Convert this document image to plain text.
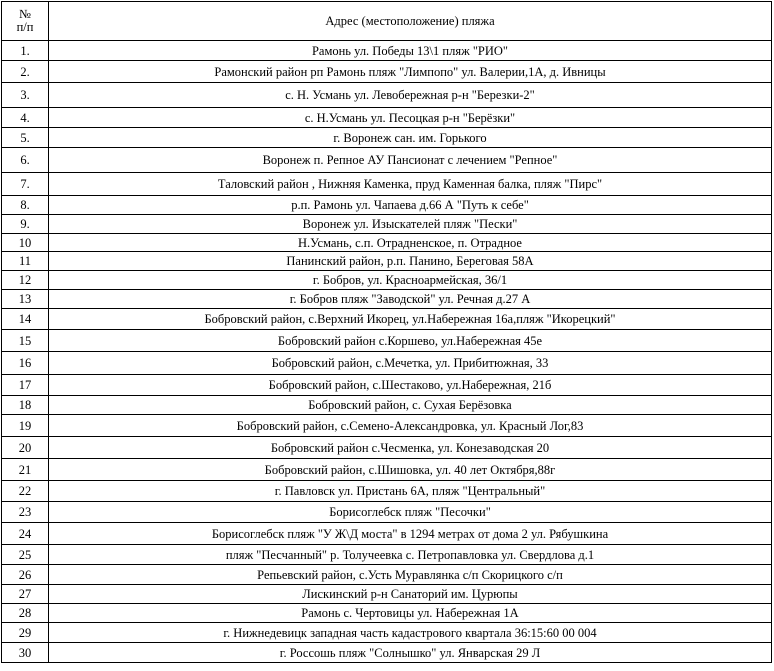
№
п/п	Адрес (местоположение) пляжа
1.	Рамонь ул. Победы 13\1 пляж "РИО"
2.	Рамонский район рп Рамонь пляж "Лимпопо" ул. Валерии,1А, д. Ивницы
3.	с. Н. Усмань ул. Левобережная р-н "Березки-2"
4.	с. Н.Усмань ул. Песоцкая р-н "Берёзки"
5.	г. Воронеж сан. им. Горького
6.	Воронеж п. Репное АУ Пансионат с лечением "Репное"
7.	Таловский район , Нижняя Каменка, пруд Каменная балка, пляж "Пирс"
8.	р.п. Рамонь ул. Чапаева д.66 А "Путь к себе"
9.	Воронеж ул. Изыскателей пляж "Пески"
10	Н.Усмань, с.п. Отрадненское, п. Отрадное
11	Панинский район, р.п. Панино, Береговая 58А
12	г. Бобров, ул. Красноармейская, 36/1
13	г. Бобров пляж "Заводской" ул. Речная д.27 А
14	Бобровский район, с.Верхний Икорец, ул.Набережная 16а,пляж "Икорецкий"
15	Бобровский район с.Коршево, ул.Набережная 45е
16	Бобровский район, с.Мечетка, ул. Прибитюжная, 33
17	Бобровский район, с.Шестаково, ул.Набережная, 21б
18	Бобровский район, с. Сухая Берёзовка
19	Бобровский район, с.Семено-Александровка, ул. Красный Лог,83
20	Бобровский район с.Чесменка, ул. Конезаводская 20
21	Бобровский район, с.Шишовка, ул. 40 лет Октября,88г
22	г. Павловск ул. Пристань 6А, пляж "Центральный"
23	Борисоглебск пляж "Песочки"
24	Борисоглебск пляж "У Ж\Д моста" в 1294 метрах от дома 2 ул. Рябушкина
25	пляж "Песчанный" р. Толучеевка с. Петропавловка ул. Свердлова д.1
26	Репьевский район, с.Усть Муравлянка с/п Скорицкого с/п
27	Лискинский р-н Санаторий им. Цурюпы
28	Рамонь с. Чертовицы ул. Набережная 1А
29	г. Нижнедевицк западная часть кадастрового квартала 36:15:60 00 004
30	г. Россошь пляж "Солнышко" ул. Январская 29 Л
